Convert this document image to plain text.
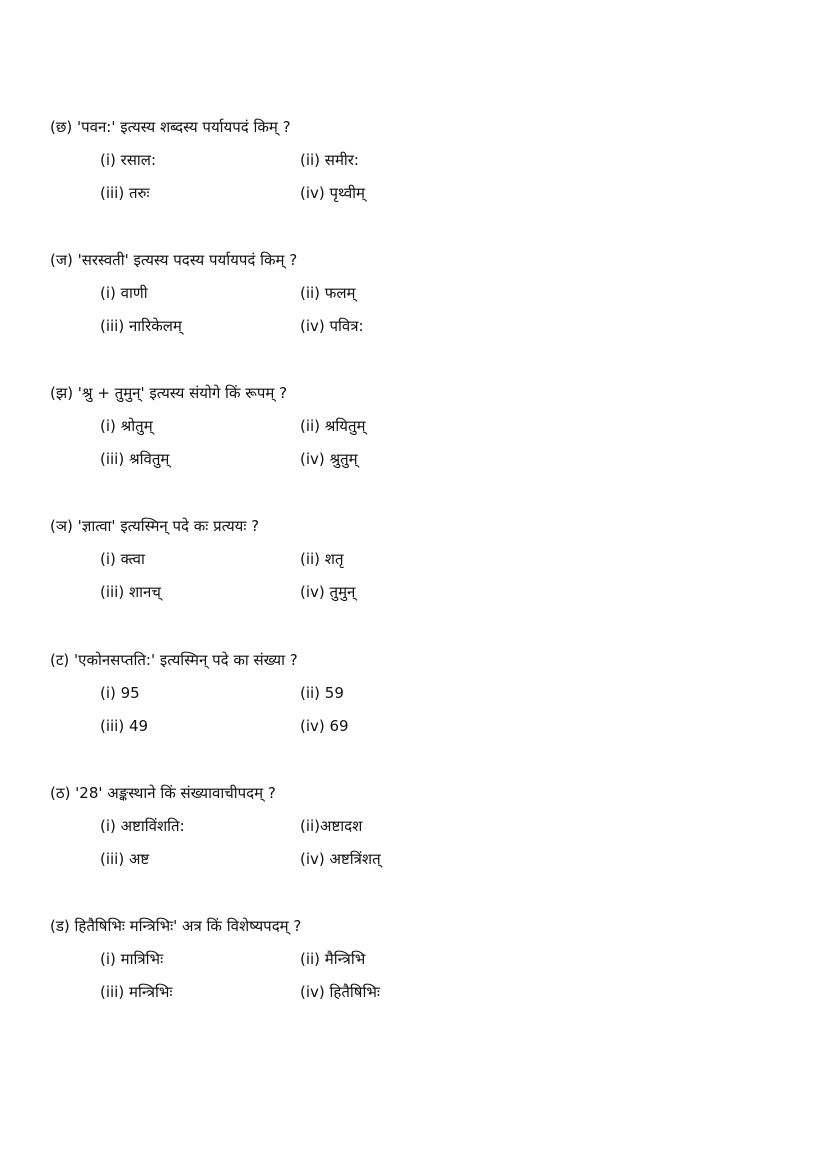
(छ) 'पवन:' इत्यस्य शब्दस्य पर्यायपदं किम् ?
(i) रसाल:	(ii) समीर:
(iii) तरुः	(iv) पृथ्वीम्
(ज) 'सरस्वती' इत्यस्य पदस्य पर्यायपदं किम् ?
(i) वाणी	(ii) फलम्
(iii) नारिकेलम्	(iv) पवित्र:
(झ) 'श्रु + तुमुन्' इत्यस्य संयोगे किं रूपम् ?
(i) श्रोतुम्	(ii) श्रयितुम्
(iii) श्रवितुम्	(iv) श्रुतुम्
(ञ) 'ज्ञात्वा' इत्यस्मिन् पदे कः प्रत्ययः ?
(i) क्त्वा	(ii) शतृ
(iii) शानच्	(iv) तुमुन्
(ट) 'एकोनसप्तति:' इत्यस्मिन् पदे का संख्या ?
(i) 95	(ii) 59
(iii) 49	(iv) 69
(ठ) '28' अङ्कस्थाने किं संख्यावाचीपदम् ?
(i) अष्टाविंशति:	(ii)अष्टादश
(iii) अष्ट	(iv) अष्टत्रिंशत्
(ड) हितैषिभिः मन्त्रिभिः' अत्र किं विशेष्यपदम् ?
(i) मात्रिभिः	(ii) मैन्त्रिभि
(iii) मन्त्रिभिः	(iv) हितैषिभिः
